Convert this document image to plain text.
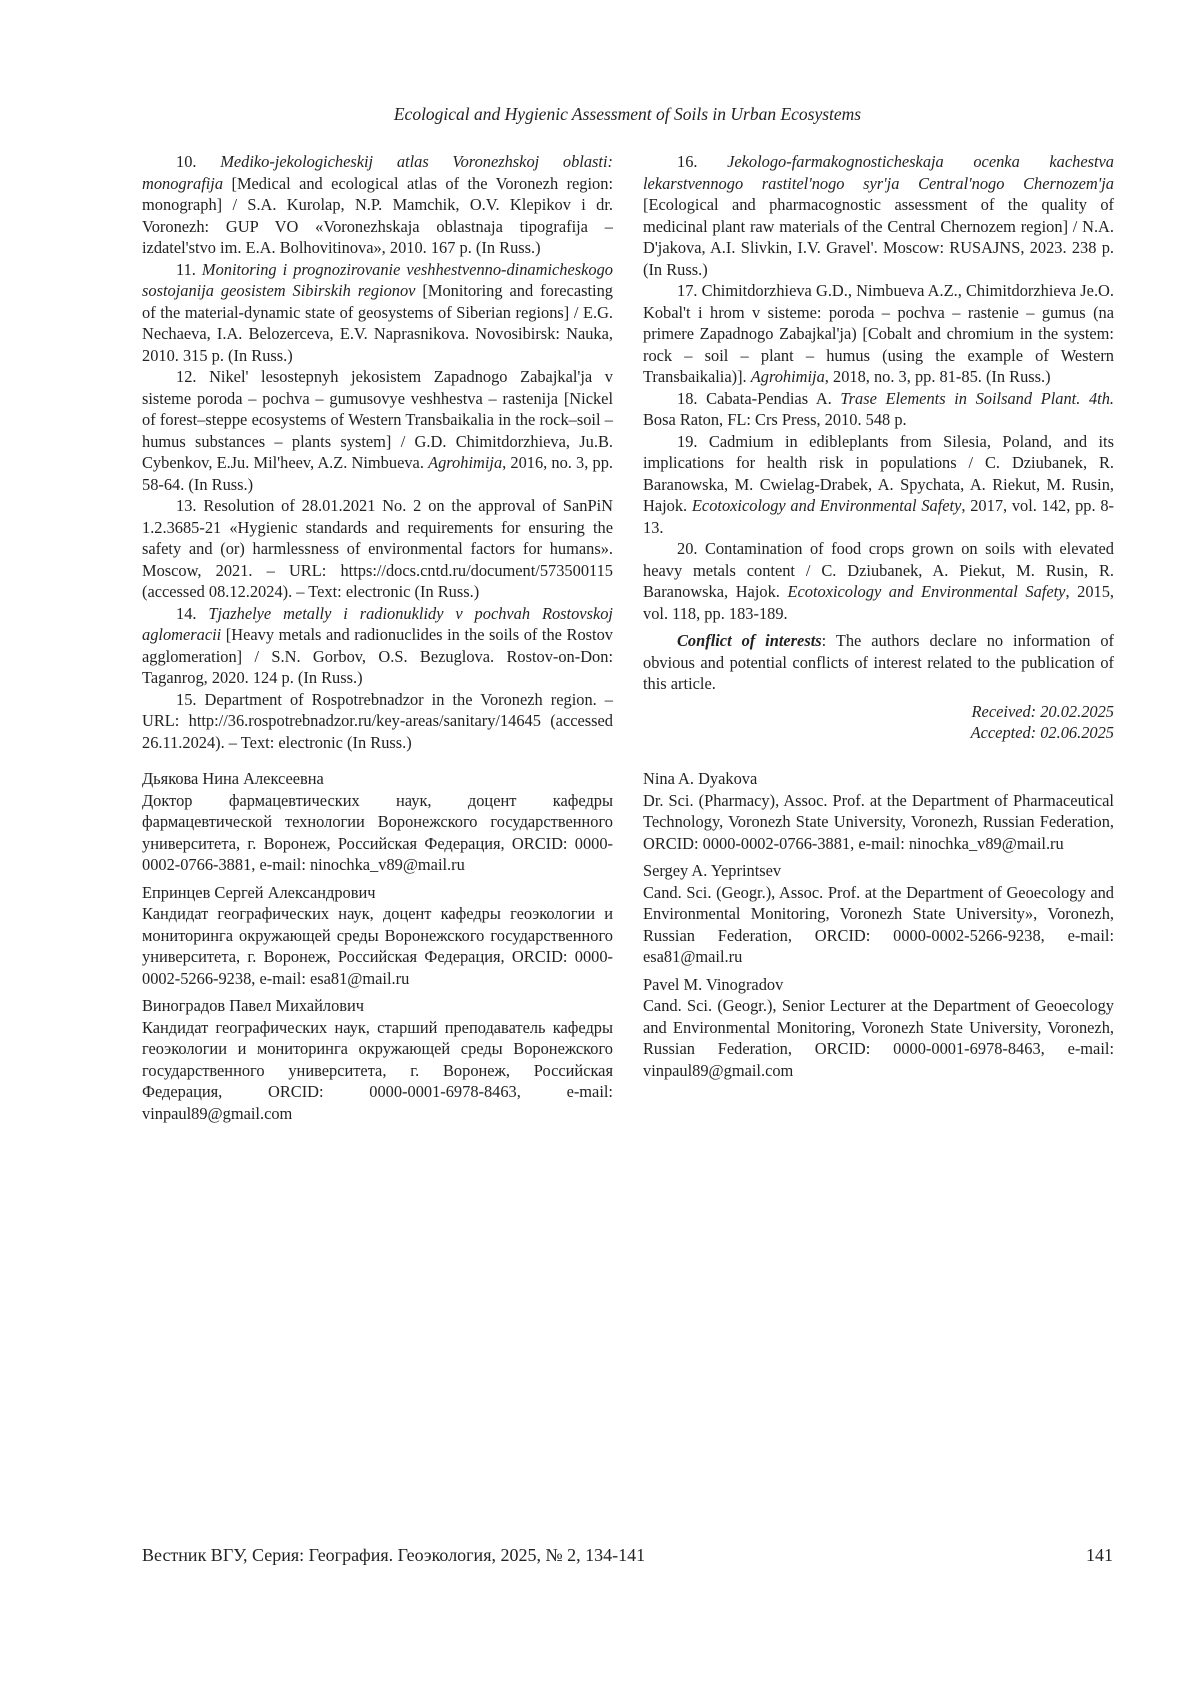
Ecological and Hygienic Assessment of Soils in Urban Ecosystems

10. Mediko-jekologicheskij atlas Voronezhskoj oblasti: monografija [Medical and ecological atlas of the Voronezh region: monograph] / S.A. Kurolap, N.P. Mamchik, O.V. Klepikov i dr. Voronezh: GUP VO «Voronezhskaja oblastnaja tipografija – izdatel'stvo im. E.A. Bolhovitinova», 2010. 167 p. (In Russ.)

11. Monitoring i prognozirovanie veshhestvenno-dinamicheskogo sostojanija geosistem Sibirskih regionov [Monitoring and forecasting of the material-dynamic state of geosystems of Siberian regions] / E.G. Nechaeva, I.A. Belozerceva, E.V. Naprasnikova. Novosibirsk: Nauka, 2010. 315 p. (In Russ.)

12. Nikel' lesostepnyh jekosistem Zapadnogo Zabajkal'ja v sisteme poroda – pochva – gumusovye veshhestva – rastenija [Nickel of forest–steppe ecosystems of Western Transbaikalia in the rock–soil – humus substances – plants system] / G.D. Chimitdorzhieva, Ju.B. Cybenkov, E.Ju. Mil'heev, A.Z. Nimbueva. Agrohimija, 2016, no. 3, pp. 58-64. (In Russ.)

13. Resolution of 28.01.2021 No. 2 on the approval of SanPiN 1.2.3685-21 «Hygienic standards and requirements for ensuring the safety and (or) harmlessness of environmental factors for humans». Moscow, 2021. – URL: https://docs.cntd.ru/document/573500115 (accessed 08.12.2024). – Text: electronic (In Russ.)

14. Tjazhelye metally i radionuklidy v pochvah Rostovskoj aglomeracii [Heavy metals and radionuclides in the soils of the Rostov agglomeration] / S.N. Gorbov, O.S. Bezuglova. Rostov-on-Don: Taganrog, 2020. 124 p. (In Russ.)

15. Department of Rospotrebnadzor in the Voronezh region. – URL: http://36.rospotrebnadzor.ru/key-areas/sanitary/14645 (accessed 26.11.2024). – Text: electronic (In Russ.)

16. Jekologo-farmakognosticheskaja ocenka kachestva lekarstvennogo rastitel'nogo syr'ja Central'nogo Chernozem'ja [Ecological and pharmacognostic assessment of the quality of medicinal plant raw materials of the Central Chernozem region] / N.A. D'jakova, A.I. Slivkin, I.V. Gravel'. Moscow: RUSAJNS, 2023. 238 p. (In Russ.)

17. Chimitdorzhieva G.D., Nimbueva A.Z., Chimitdorzhieva Je.O. Kobal't i hrom v sisteme: poroda – pochva – rastenie – gumus (na primere Zapadnogo Zabajkal'ja) [Cobalt and chromium in the system: rock – soil – plant – humus (using the example of Western Transbaikalia)]. Agrohimija, 2018, no. 3, pp. 81-85. (In Russ.)

18. Cabata-Pendias A. Trase Elements in Soilsand Plant. 4th. Bosa Raton, FL: Crs Press, 2010. 548 p.

19. Cadmium in edibleplants from Silesia, Poland, and its implications for health risk in populations / C. Dziubanek, R. Baranowska, M. Cwielag-Drabek, A. Spychata, A. Riekut, M. Rusin, Hajok. Ecotoxicology and Environmental Safety, 2017, vol. 142, pp. 8-13.

20. Contamination of food crops grown on soils with elevated heavy metals content / C. Dziubanek, A. Piekut, M. Rusin, R. Baranowska, Hajok. Ecotoxicology and Environmental Safety, 2015, vol. 118, pp. 183-189.

Conflict of interests: The authors declare no information of obvious and potential conflicts of interest related to the publication of this article.

Received: 20.02.2025
Accepted: 02.06.2025
Дьякова Нина Алексеевна
Доктор фармацевтических наук, доцент кафедры фармацевтической технологии Воронежского государственного университета, г. Воронеж, Российская Федерация, ORCID: 0000-0002-0766-3881, e-mail: ninochka_v89@mail.ru
Епринцев Сергей Александрович
Кандидат географических наук, доцент кафедры геоэкологии и мониторинга окружающей среды Воронежского государственного университета, г. Воронеж, Российская Федерация, ORCID: 0000-0002-5266-9238, e-mail: esa81@mail.ru
Виноградов Павел Михайлович
Кандидат географических наук, старший преподаватель кафедры геоэкологии и мониторинга окружающей среды Воронежского государственного университета, г. Воронеж, Российская Федерация, ORCID: 0000-0001-6978-8463, e-mail: vinpaul89@gmail.com
Nina A. Dyakova
Dr. Sci. (Pharmacy), Assoc. Prof. at the Department of Pharmaceutical Technology, Voronezh State University, Voronezh, Russian Federation, ORCID: 0000-0002-0766-3881, e-mail: ninochka_v89@mail.ru
Sergey A. Yeprintsev
Cand. Sci. (Geogr.), Assoc. Prof. at the Department of Geoecology and Environmental Monitoring, Voronezh State University», Voronezh, Russian Federation, ORCID: 0000-0002-5266-9238, e-mail: esa81@mail.ru
Pavel M. Vinogradov
Cand. Sci. (Geogr.), Senior Lecturer at the Department of Geoecology and Environmental Monitoring, Voronezh State University, Voronezh, Russian Federation, ORCID: 0000-0001-6978-8463, e-mail: vinpaul89@gmail.com
Вестник ВГУ, Серия: География. Геоэкология, 2025, № 2, 134-141	141
